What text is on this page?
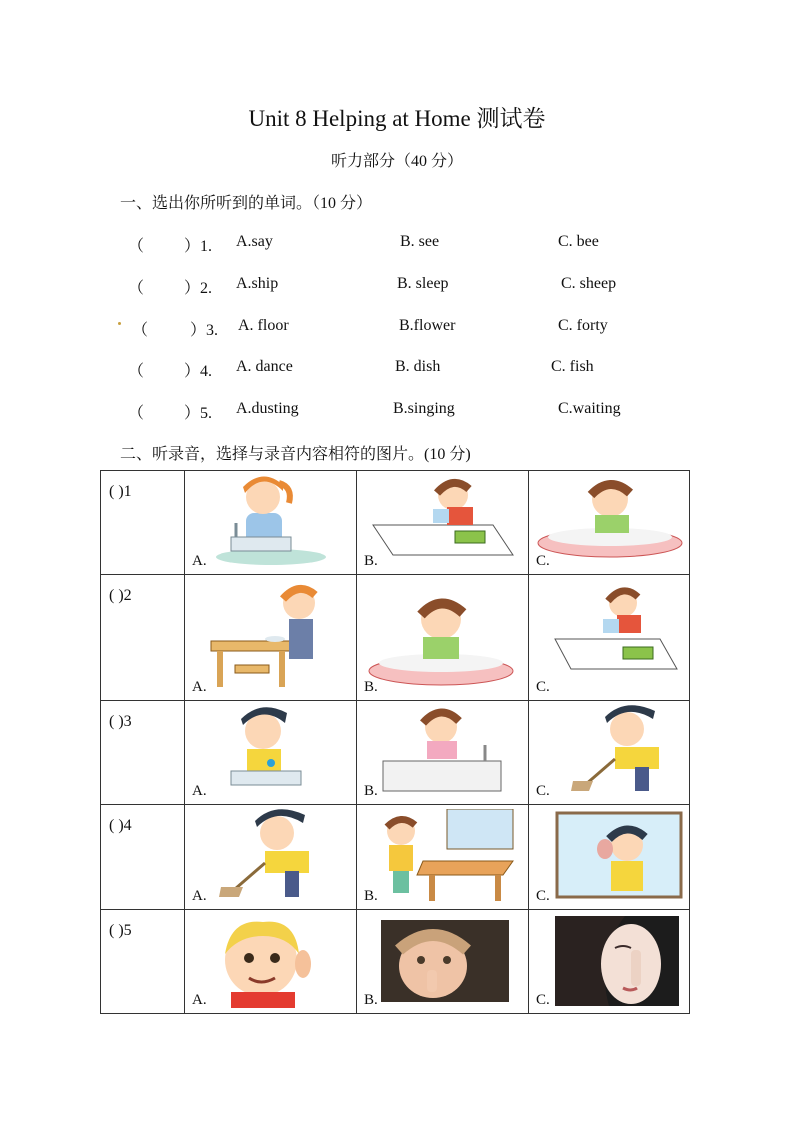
Unit 8 Helping at Home 测试卷
听力部分（40 分）
一、选出你所听到的单词。（10 分）
（ ）1. A.say	B. see	C. bee
（ ）2. A.ship	B. sleep	C. sheep
（	）3. A. floor	B.flower	C. forty
（ ）4. A. dance	B. dish	C. fish
（ ）5. A.dusting	B.singing	C.waiting
二、听录音，选择与录音内容相符的图片。(10 分)
( )1	A.	B.	C.

( )2	A.	B.	C.

( )3	A.	B.	C.

( )4	A.	B.	C.

( )5	A.	B.	C.
